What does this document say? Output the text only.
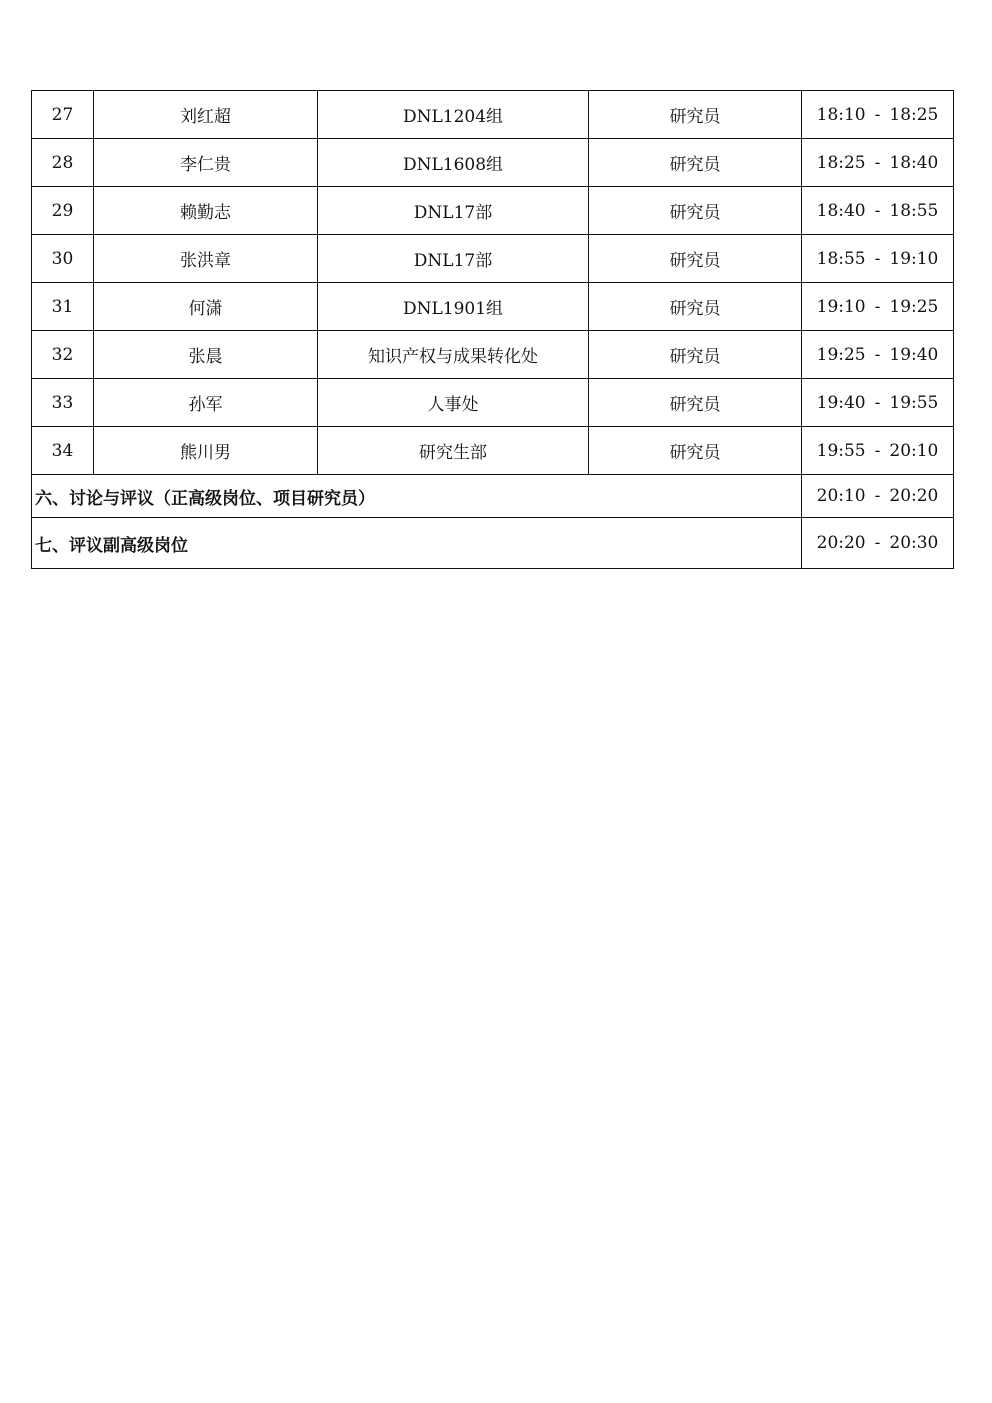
27	刘红超	DNL1204组	研究员	18:10 - 18:25
28	李仁贵	DNL1608组	研究员	18:25 - 18:40
29	赖勤志	DNL17部	研究员	18:40 - 18:55
30	张洪章	DNL17部	研究员	18:55 - 19:10
31	何潇	DNL1901组	研究员	19:10 - 19:25
32	张晨	知识产权与成果转化处	研究员	19:25 - 19:40
33	孙军	人事处	研究员	19:40 - 19:55
34	熊川男	研究生部	研究员	19:55 - 20:10
六、讨论与评议（正高级岗位、项目研究员）				20:10 - 20:20
七、评议副高级岗位				20:20 - 20:30
